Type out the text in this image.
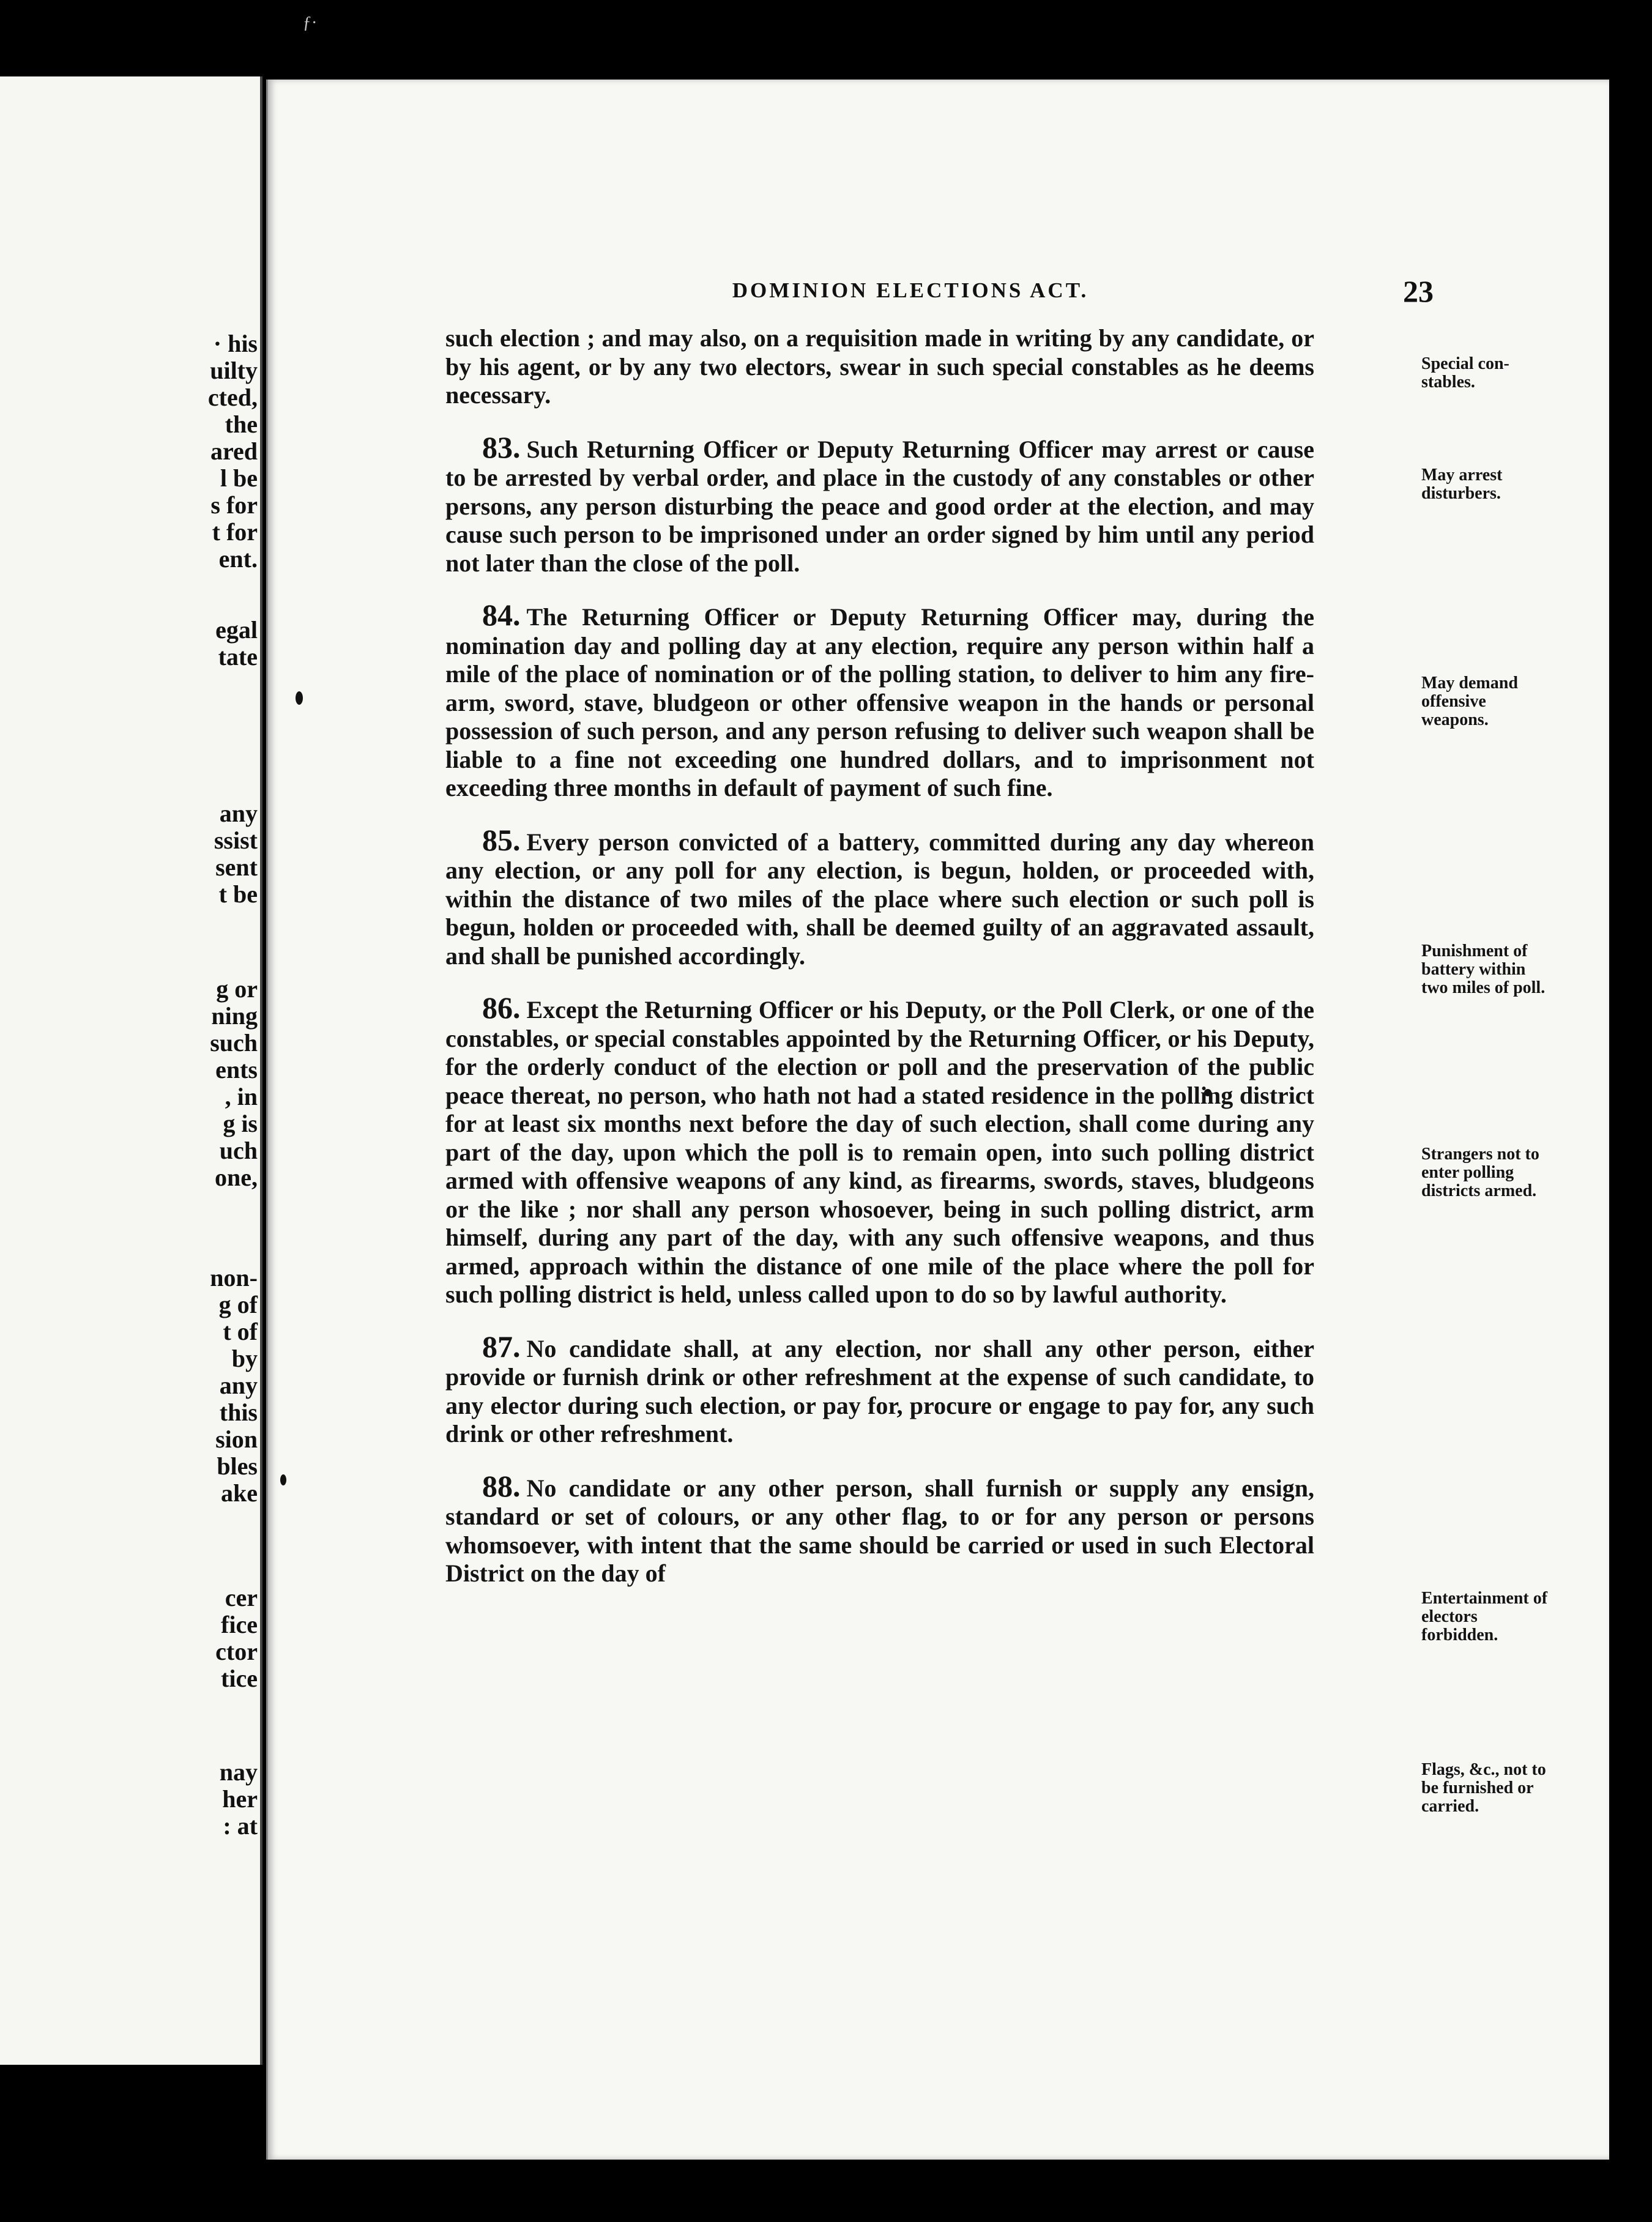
ƒ·
· his
uilty
cted,
the
ared
l be
s for
t for
ent.
egal
tate
any
ssist
sent
t be
g or
ning
such
ents
, in
g is
uch
one,
non-
g of
t of
by
any
this
sion
bles
ake
cer
fice
ctor
tice
nay
her
: at
DOMINION ELECTIONS ACT.	23

such election ; and may also, on a requisition made in writing by any candidate, or by his agent, or by any two electors, swear in such special constables as he deems necessary.

83. Such Returning Officer or Deputy Returning Officer may arrest or cause to be arrested by verbal order, and place in the custody of any constables or other persons, any person disturbing the peace and good order at the election, and may cause such person to be imprisoned under an order signed by him until any period not later than the close of the poll.

84. The Returning Officer or Deputy Returning Officer may, during the nomination day and polling day at any election, require any person within half a mile of the place of nomination or of the polling station, to deliver to him any fire-arm, sword, stave, bludgeon or other offensive weapon in the hands or personal possession of such person, and any person refusing to deliver such weapon shall be liable to a fine not exceeding one hundred dollars, and to imprisonment not exceeding three months in default of payment of such fine.

85. Every person convicted of a battery, committed during any day whereon any election, or any poll for any election, is begun, holden, or proceeded with, within the distance of two miles of the place where such election or such poll is begun, holden or proceeded with, shall be deemed guilty of an aggravated assault, and shall be punished accordingly.

86. Except the Returning Officer or his Deputy, or the Poll Clerk, or one of the constables, or special constables appointed by the Returning Officer, or his Deputy, for the orderly conduct of the election or poll and the preservation of the public peace thereat, no person, who hath not had a stated residence in the polling district for at least six months next before the day of such election, shall come during any part of the day, upon which the poll is to remain open, into such polling district armed with offensive weapons of any kind, as firearms, swords, staves, bludgeons or the like ; nor shall any person whosoever, being in such polling district, arm himself, during any part of the day, with any such offensive weapons, and thus armed, approach within the distance of one mile of the place where the poll for such polling district is held, unless called upon to do so by lawful authority.

87. No candidate shall, at any election, nor shall any other person, either provide or furnish drink or other refreshment at the expense of such candidate, to any elector during such election, or pay for, procure or engage to pay for, any such drink or other refreshment.

88. No candidate or any other person, shall furnish or supply any ensign, standard or set of colours, or any other flag, to or for any person or persons whomsoever, with intent that the same should be carried or used in such Electoral District on the day of

Special con- stables.
May arrest disturbers.
May demand offensive weapons.
Punishment of battery within two miles of poll.
Strangers not to enter polling districts armed.
Entertainment of electors forbidden.
Flags, &c., not to be furnished or carried.
